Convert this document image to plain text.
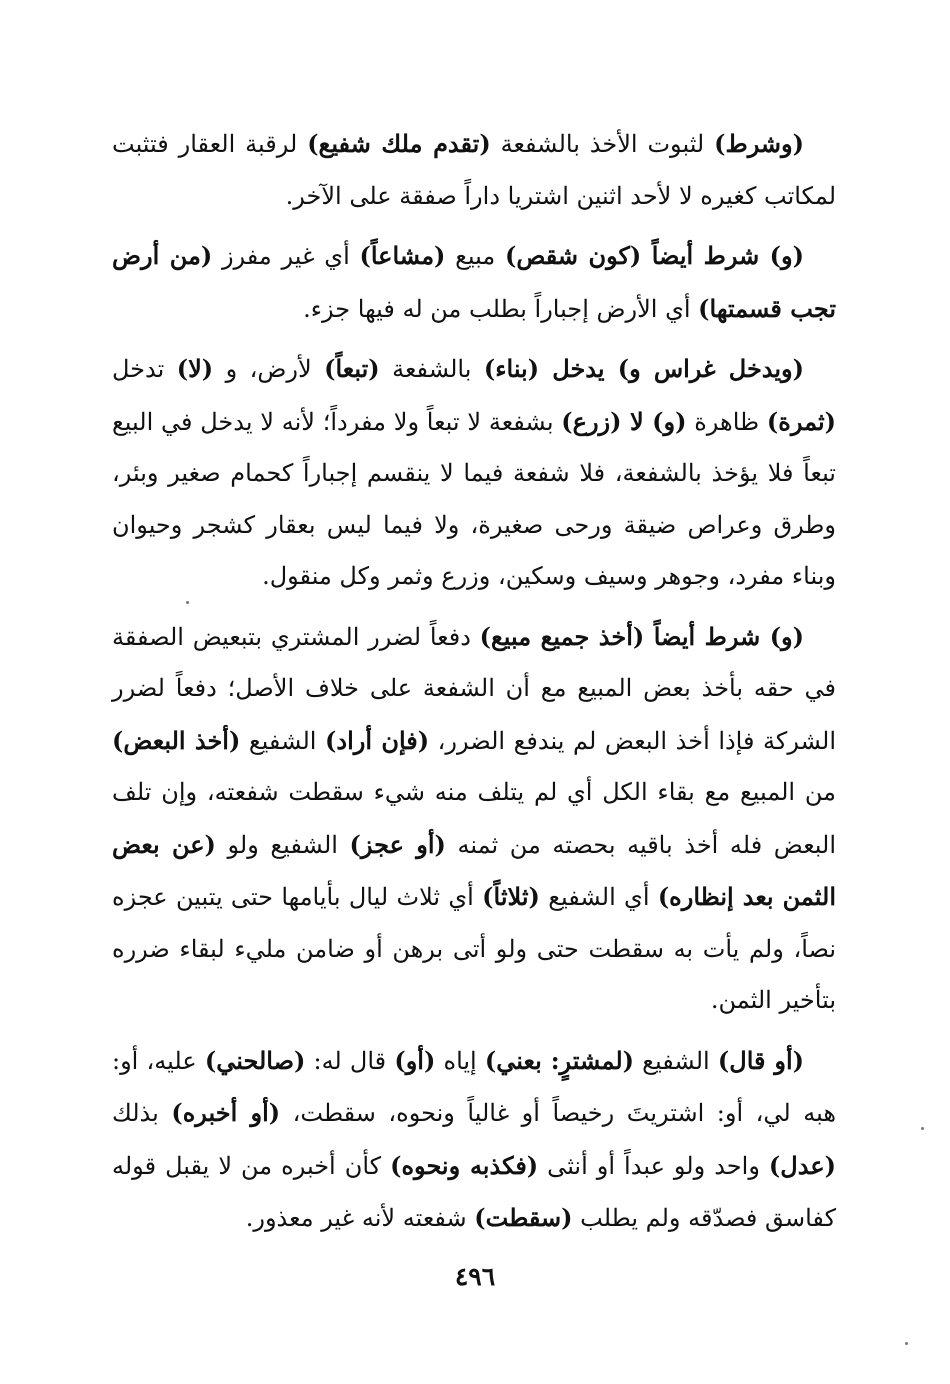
(وشرط) لثبوت الأخذ بالشفعة (تقدم ملك شفيع) لرقبة العقار فتثبت لمكاتب كغيره لا لأحد اثنين اشتريا داراً صفقة على الآخر.

(و) شرط أيضاً (كون شقص) مبيع (مشاعاً) أي غير مفرز (من أرض تجب قسمتها) أي الأرض إجباراً بطلب من له فيها جزء.

(ويدخل غراس و) يدخل (بناء) بالشفعة (تبعاً) لأرض، و (لا) تدخل (ثمرة) ظاهرة (و) لا (زرع) بشفعة لا تبعاً ولا مفرداً؛ لأنه لا يدخل في البيع تبعاً فلا يؤخذ بالشفعة، فلا شفعة فيما لا ينقسم إجباراً كحمام صغير وبئر، وطرق وعراص ضيقة ورحى صغيرة، ولا فيما ليس بعقار كشجر وحيوان وبناء مفرد، وجوهر وسيف وسكين، وزرع وثمر وكل منقول.

(و) شرط أيضاً (أخذ جميع مبيع) دفعاً لضرر المشتري بتبعيض الصفقة في حقه بأخذ بعض المبيع مع أن الشفعة على خلاف الأصل؛ دفعاً لضرر الشركة فإذا أخذ البعض لم يندفع الضرر، (فإن أراد) الشفيع (أخذ البعض) من المبيع مع بقاء الكل أي لم يتلف منه شيء سقطت شفعته، وإن تلف البعض فله أخذ باقيه بحصته من ثمنه (أو عجز) الشفيع ولو (عن بعض الثمن بعد إنظاره) أي الشفيع (ثلاثاً) أي ثلاث ليال بأيامها حتى يتبين عجزه نصاً، ولم يأت به سقطت حتى ولو أتى برهن أو ضامن مليء لبقاء ضرره بتأخير الثمن.

(أو قال) الشفيع (لمشترٍ: بعني) إياه (أو) قال له: (صالحني) عليه، أو: هبه لي، أو: اشتريتَ رخيصاً أو غالياً ونحوه، سقطت، (أو أخبره) بذلك (عدل) واحد ولو عبداً أو أنثى (فكذبه ونحوه) كأن أخبره من لا يقبل قوله كفاسق فصدّقه ولم يطلب (سقطت) شفعته لأنه غير معذور.

٤٩٦
